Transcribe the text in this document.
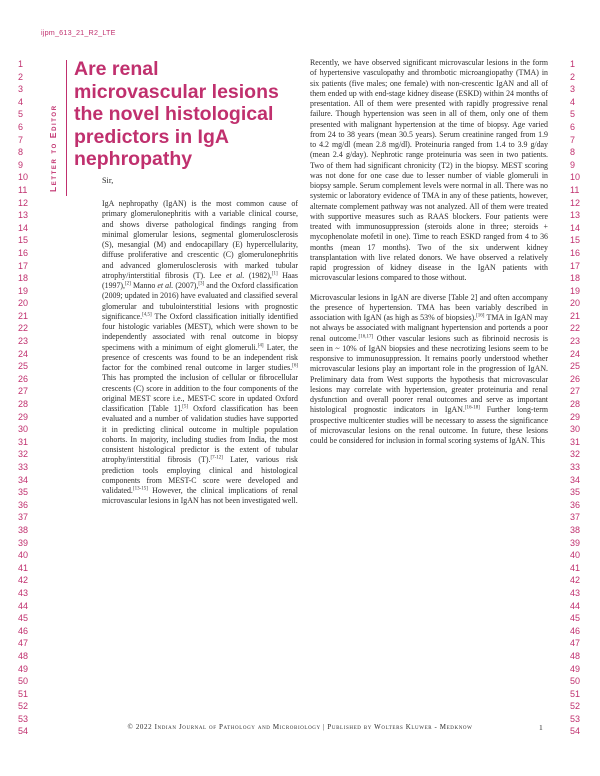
ijpm_613_21_R2_LTE
1
2
3
4
5
6
7
8
9
10
11
12
13
14
15
16
17
18
19
20
21
22
23
24
25
26
27
28
29
30
31
32
33
34
35
36
37
38
39
40
41
42
43
44
45
46
47
48
49
50
51
52
53
54
1
2
3
4
5
6
7
8
9
10
11
12
13
14
15
16
17
18
19
20
21
22
23
24
25
26
27
28
29
30
31
32
33
34
35
36
37
38
39
40
41
42
43
44
45
46
47
48
49
50
51
52
53
54
Letter to Editor
Are renal microvascular lesions the novel histological predictors in IgA nephropathy
Sir,

IgA nephropathy (IgAN) is the most common cause of primary glomerulonephritis with a variable clinical course, and shows diverse pathological findings ranging from minimal glomerular lesions, segmental glomerulosclerosis (S), mesangial (M) and endocapillary (E) hypercellularity, diffuse proliferative and crescentic (C) glomerulonephritis and advanced glomerulosclerosis with marked tubular atrophy/interstitial fibrosis (T). Lee et al. (1982),[1] Haas (1997),[2] Manno et al. (2007),[3] and the Oxford classification (2009; updated in 2016) have evaluated and classified several glomerular and tubulointerstitial lesions with prognostic significance.[4,5] The Oxford classification initially identified four histologic variables (MEST), which were shown to be independently associated with renal outcome in biopsy specimens with a minimum of eight glomeruli.[4] Later, the presence of crescents was found to be an independent risk factor for the combined renal outcome in larger studies.[6] This has prompted the inclusion of cellular or fibrocellular crescents (C) score in addition to the four components of the original MEST score i.e., MEST-C score in updated Oxford classification [Table 1].[5] Oxford classification has been evaluated and a number of validation studies have supported it in predicting clinical outcome in multiple population cohorts. In majority, including studies from India, the most consistent histological predictor is the extent of tubular atrophy/interstitial fibrosis (T).[7-12] Later, various risk prediction tools employing clinical and histological components from MEST-C score were developed and validated.[13-15] However, the clinical implications of renal microvascular lesions in IgAN has not been investigated well.

Recently, we have observed significant microvascular lesions in the form of hypertensive vasculopathy and thrombotic microangiopathy (TMA) in six patients (five males; one female) with non-crescentic IgAN and all of them ended up with end-stage kidney disease (ESKD) within 24 months of presentation. All of them were presented with rapidly progressive renal failure. Though hypertension was seen in all of them, only one of them presented with malignant hypertension at the time of biopsy. Age varied from 24 to 38 years (mean 30.5 years). Serum creatinine ranged from 1.9 to 4.2 mg/dl (mean 2.8 mg/dl). Proteinuria ranged from 1.4 to 3.9 g/day (mean 2.4 g/day). Nephrotic range proteinuria was seen in two patients. Two of them had significant chronicity (T2) in the biopsy. MEST scoring was not done for one case due to lesser number of viable glomeruli in biopsy sample. Serum complement levels were normal in all. There was no systemic or laboratory evidence of TMA in any of these patients, however, alternate complement pathway was not analyzed. All of them were treated with supportive measures such as RAAS blockers. Four patients were treated with immunosuppression (steroids alone in three; steroids + mycophenolate mofetil in one). Time to reach ESKD ranged from 4 to 36 months (mean 17 months). Two of the six underwent kidney transplantation with live related donors. We have observed a relatively rapid progression of kidney disease in the IgAN patients with microvascular lesions compared to those without.

Microvascular lesions in IgAN are diverse [Table 2] and often accompany the presence of hypertension. TMA has been variably described in association with IgAN (as high as 53% of biopsies).[16] TMA in IgAN may not always be associated with malignant hypertension and portends a poor renal outcome.[16,17] Other vascular lesions such as fibrinoid necrosis is seen in ~ 10% of IgAN biopsies and these necrotizing lesions seem to be responsive to immunosuppression. It remains poorly understood whether microvascular lesions play an important role in the progression of IgAN. Preliminary data from West supports the hypothesis that microvascular lesions may correlate with hypertension, greater proteinuria and renal dysfunction and overall poorer renal outcomes and serve as important histological prognostic indicators in IgAN.[16-18] Further long-term prospective multicenter studies will be necessary to assess the significance of microvascular lesions on the renal outcome. In future, these lesions could be considered for inclusion in formal scoring systems of IgAN. This

© 2022 Indian Journal of Pathology and Microbiology | Published by Wolters Kluwer - Medknow	1
